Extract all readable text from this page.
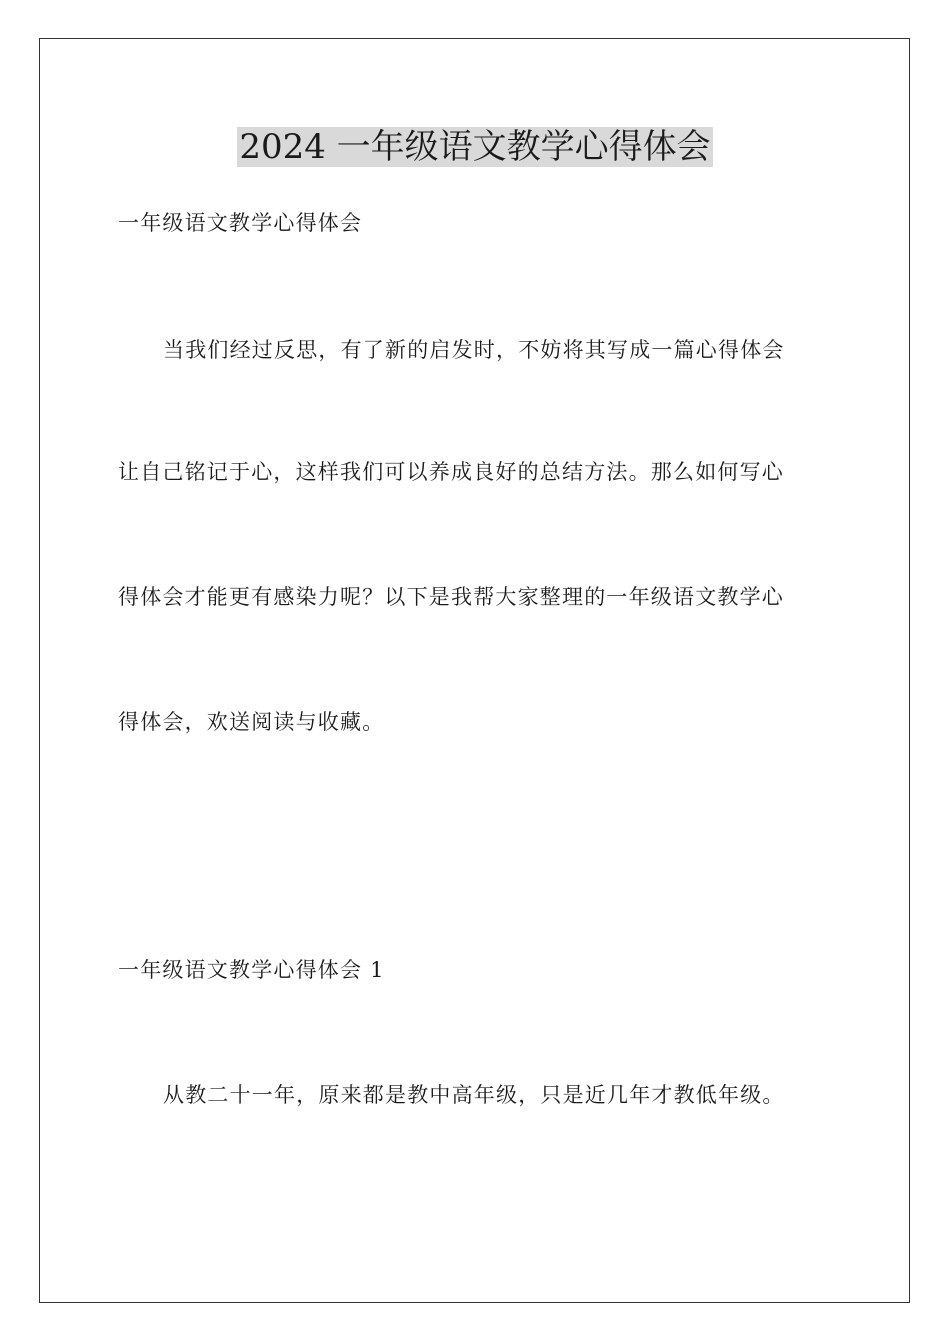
2024 一年级语文教学心得体会
一年级语文教学心得体会
当我们经过反思，有了新的启发时，不妨将其写成一篇心得体会
让自己铭记于心，这样我们可以养成良好的总结方法。那么如何写心
得体会才能更有感染力呢？以下是我帮大家整理的一年级语文教学心
得体会，欢送阅读与收藏。
一年级语文教学心得体会 1
从教二十一年，原来都是教中高年级，只是近几年才教低年级。
